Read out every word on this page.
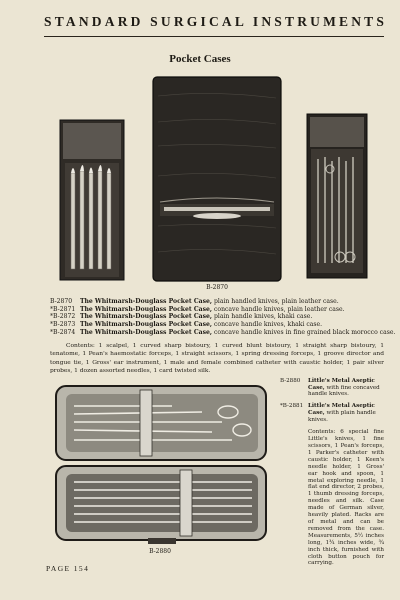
STANDARD SURGICAL INSTRUMENTS
Pocket Cases
B-2870
B-2870 The Whitmarsh-Douglass Pocket Case, plain handled knives, plain leather case.
*B-2871 The Whitmarsh-Douglass Pocket Case, concave handle knives, plain leather case.
*B-2872 The Whitmarsh-Douglass Pocket Case, plain handle knives, khaki case.
*B-2873 The Whitmarsh-Douglass Pocket Case, concave handle knives, khaki case.
*B-2874 The Whitmarsh-Douglass Pocket Case, concave handle knives in fine grained black morocco case.

Contents: 1 scalpel, 1 curved sharp bistoury, 1 curved blunt bistoury, 1 straight sharp bistoury, 1 tenatome, 1 Pean's haemostatic forceps, 1 straight scissors, 1 spring dressing forceps, 1 groove director and tongue tie, 1 Gross' ear instrument, 1 male and female combined catheter with caustic holder, 1 pair silver probes, 1 dozen assorted needles, 1 card twisted silk.

B-2880
B-2880 Little's Metal Aseptic Case, with fine concaved handle knives.
*B-2881 Little's Metal Aseptic Case, with plain handle knives.
Contents: 6 special fine Little's knives, 1 fine scissors, 1 Pean's forceps, 1 Parker's catheter with caustic holder, 1 Keen's needle holder, 1 Gross' ear hook and spoon, 1 metal exploring needle, 1 flat end director, 2 probes, 1 thumb dressing forceps, needles and silk. Case made of German silver, heavily plated. Racks are of metal and can be removed from the case. Measurements, 5½ inches long, 1¾ inches wide, ¾ inch thick, furnished with cloth button pouch for carrying.
PAGE 154
